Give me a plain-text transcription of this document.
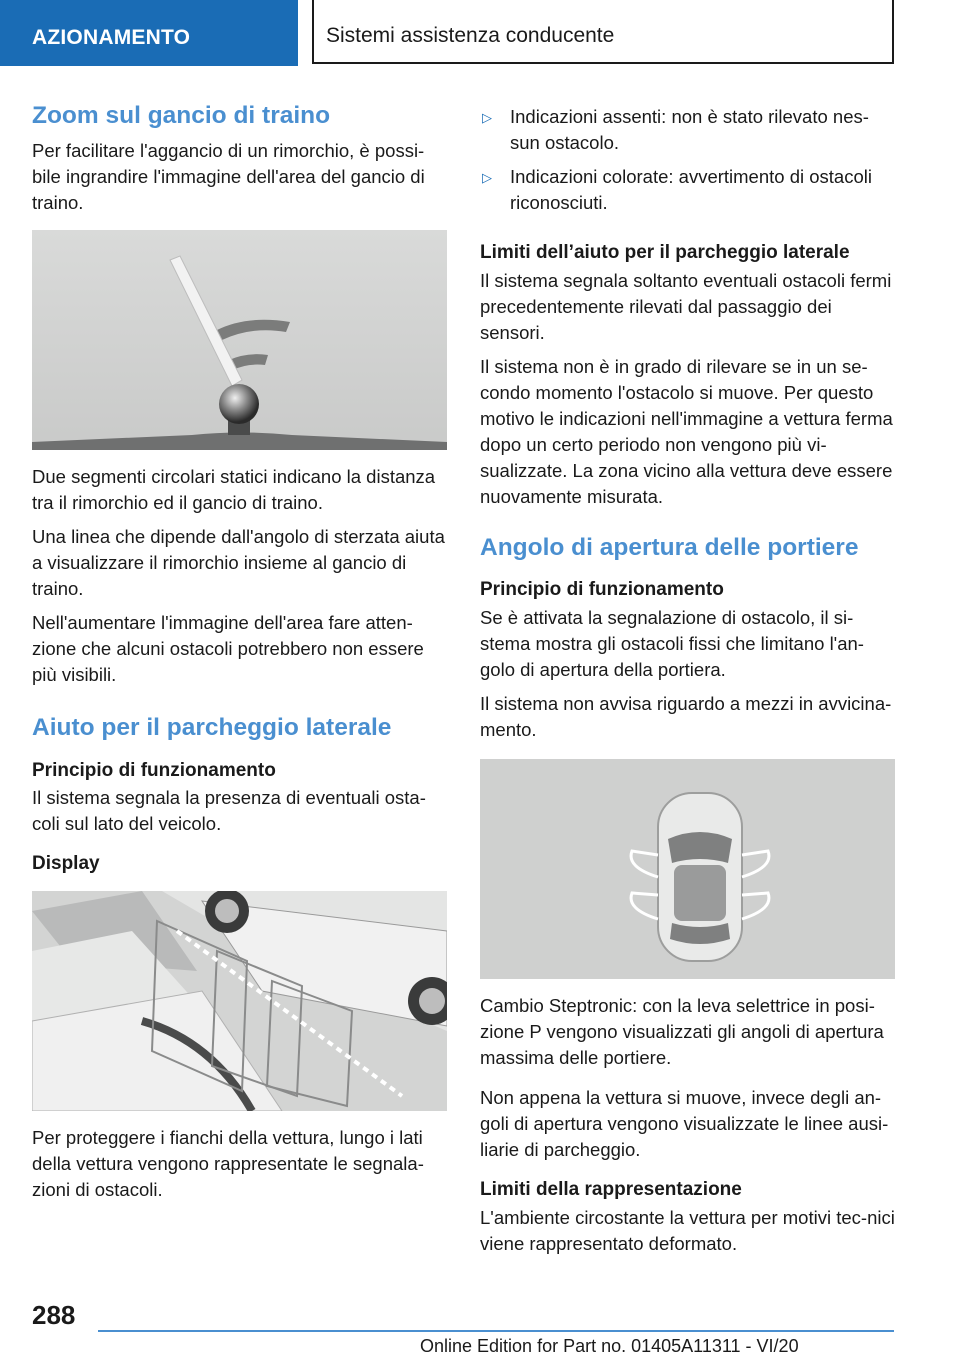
AZIONAMENTO	Sistemi assistenza conducente
Zoom sul gancio di traino

Per facilitare l'aggancio di un rimorchio, è possi-bile ingrandire l'immagine dell'area del gancio di traino.

Due segmenti circolari statici indicano la distanza tra il rimorchio ed il gancio di traino.

Una linea che dipende dall'angolo di sterzata aiuta a visualizzare il rimorchio insieme al gancio di traino.

Nell'aumentare l'immagine dell'area fare atten-zione che alcuni ostacoli potrebbero non essere più visibili.

Aiuto per il parcheggio laterale
Principio di funzionamento

Il sistema segnala la presenza di eventuali osta-coli sul lato del veicolo.

Display

Per proteggere i fianchi della vettura, lungo i lati della vettura vengono rappresentate le segnala-zioni di ostacoli.

▷ Indicazioni assenti: non è stato rilevato nes-sun ostacolo.
▷ Indicazioni colorate: avvertimento di ostacoli riconosciuti.
Limiti dell’aiuto per il parcheggio laterale

Il sistema segnala soltanto eventuali ostacoli fermi precedentemente rilevati dal passaggio dei sensori.

Il sistema non è in grado di rilevare se in un se-condo momento l'ostacolo si muove. Per questo motivo le indicazioni nell'immagine a vettura ferma dopo un certo periodo non vengono più vi-sualizzate. La zona vicino alla vettura deve essere nuovamente misurata.

Angolo di apertura delle portiere
Principio di funzionamento

Se è attivata la segnalazione di ostacolo, il si-stema mostra gli ostacoli fissi che limitano l'an-golo di apertura della portiera.

Il sistema non avvisa riguardo a mezzi in avvicina-mento.

Cambio Steptronic: con la leva selettrice in posi-zione P vengono visualizzati gli angoli di apertura massima delle portiere.

Non appena la vettura si muove, invece degli an-goli di apertura vengono visualizzate le linee ausi-liarie di parcheggio.

Limiti della rappresentazione

L'ambiente circostante la vettura per motivi tec-nici viene rappresentato deformato.

288
Online Edition for Part no. 01405A11311 - VI/20
